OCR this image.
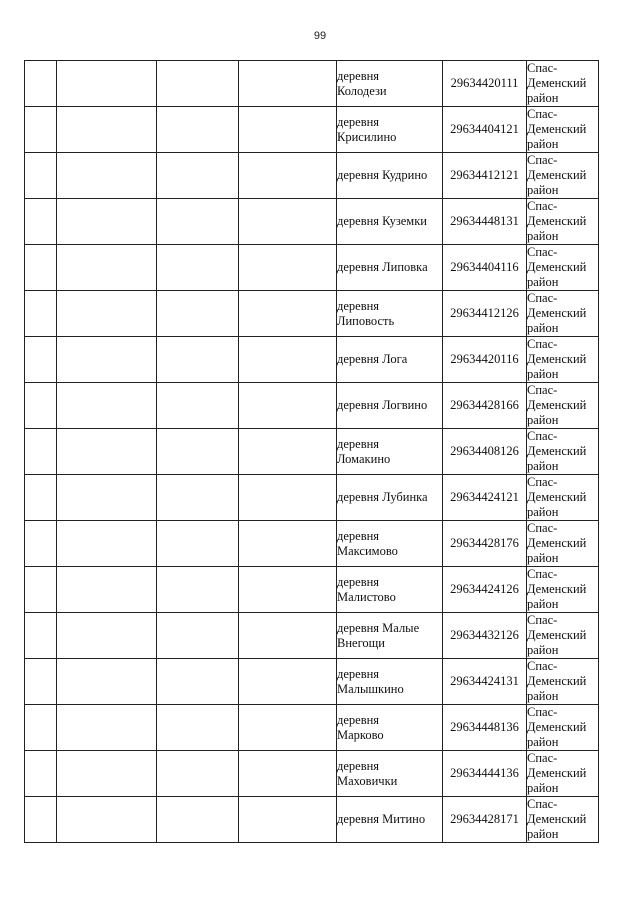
99
				деревня
Колодези	29634420111	Спас-
Деменский
район
				деревня
Крисилино	29634404121	Спас-
Деменский
район
				деревня Кудрино	29634412121	Спас-
Деменский
район
				деревня Куземки	29634448131	Спас-
Деменский
район
				деревня Липовка	29634404116	Спас-
Деменский
район
				деревня
Липовость	29634412126	Спас-
Деменский
район
				деревня Лога	29634420116	Спас-
Деменский
район
				деревня Логвино	29634428166	Спас-
Деменский
район
				деревня
Ломакино	29634408126	Спас-
Деменский
район
				деревня Лубинка	29634424121	Спас-
Деменский
район
				деревня
Максимово	29634428176	Спас-
Деменский
район
				деревня
Малистово	29634424126	Спас-
Деменский
район
				деревня Малые
Внегощи	29634432126	Спас-
Деменский
район
				деревня
Малышкино	29634424131	Спас-
Деменский
район
				деревня
Марково	29634448136	Спас-
Деменский
район
				деревня
Маховички	29634444136	Спас-
Деменский
район
				деревня Митино	29634428171	Спас-
Деменский
район
